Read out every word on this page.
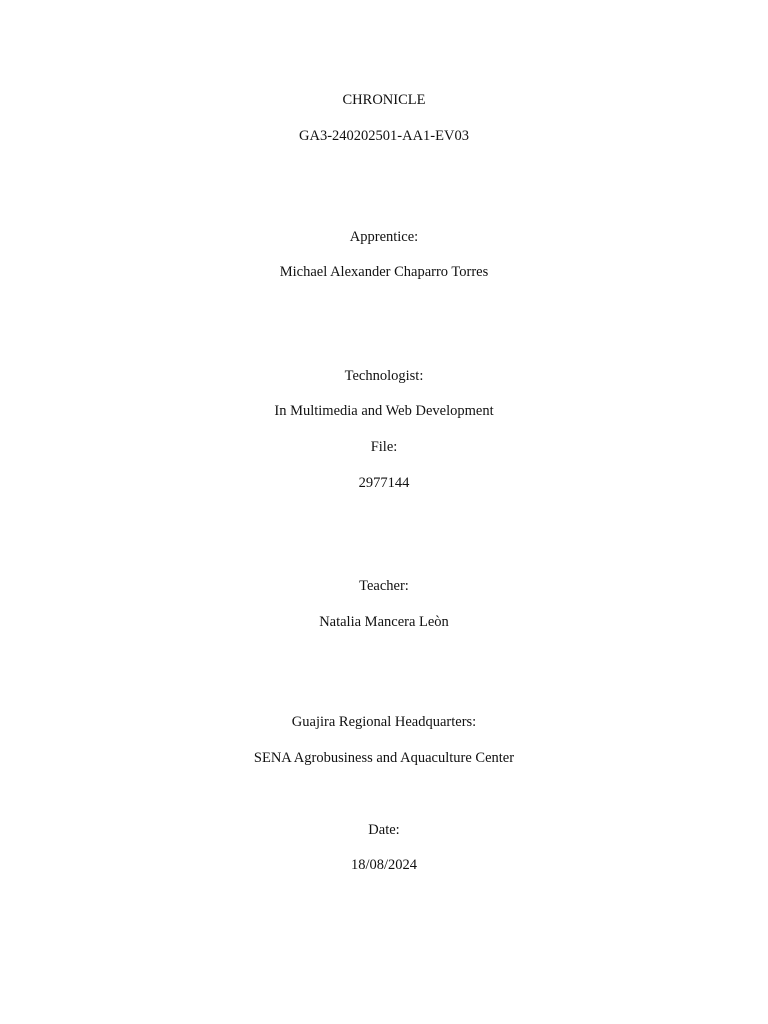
CHRONICLE
GA3-240202501-AA1-EV03
Apprentice:
Michael Alexander Chaparro Torres
Technologist:
In Multimedia and Web Development
File:
2977144
Teacher:
Natalia Mancera Leòn
Guajira Regional Headquarters:
SENA Agrobusiness and Aquaculture Center
Date:
18/08/2024
